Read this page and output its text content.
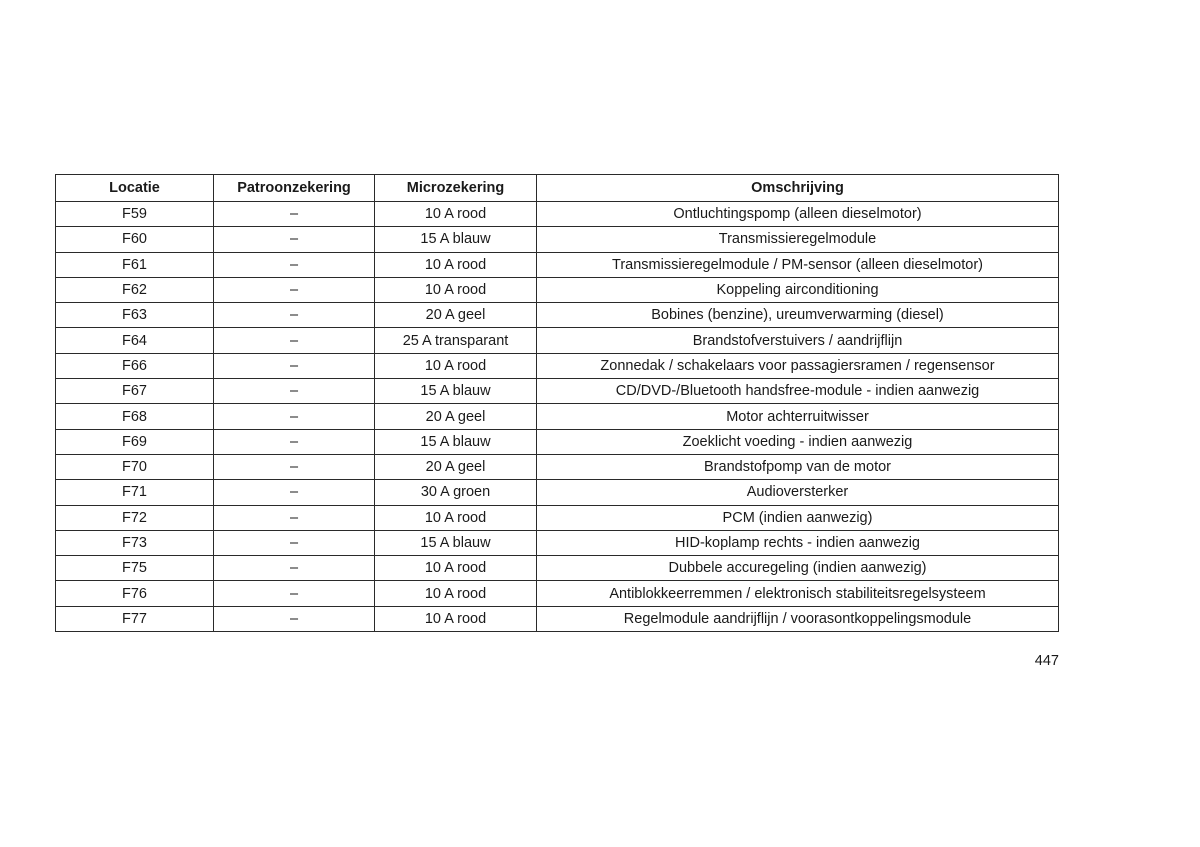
Locatie	Patroonzekering	Microzekering	Omschrijving
F59	–	10 A rood	Ontluchtingspomp (alleen dieselmotor)
F60	–	15 A blauw	Transmissieregelmodule
F61	–	10 A rood	Transmissieregelmodule / PM-sensor (alleen dieselmotor)
F62	–	10 A rood	Koppeling airconditioning
F63	–	20 A geel	Bobines (benzine), ureumverwarming (diesel)
F64	–	25 A transparant	Brandstofverstuivers / aandrijflijn
F66	–	10 A rood	Zonnedak / schakelaars voor passagiersramen / regensensor
F67	–	15 A blauw	CD/DVD-/Bluetooth handsfree-module - indien aanwezig
F68	–	20 A geel	Motor achterruitwisser
F69	–	15 A blauw	Zoeklicht voeding - indien aanwezig
F70	–	20 A geel	Brandstofpomp van de motor
F71	–	30 A groen	Audioversterker
F72	–	10 A rood	PCM (indien aanwezig)
F73	–	15 A blauw	HID-koplamp rechts - indien aanwezig
F75	–	10 A rood	Dubbele accuregeling (indien aanwezig)
F76	–	10 A rood	Antiblokkeerremmen / elektronisch stabiliteitsregelsysteem
F77	–	10 A rood	Regelmodule aandrijflijn / voorasontkoppelingsmodule
447
